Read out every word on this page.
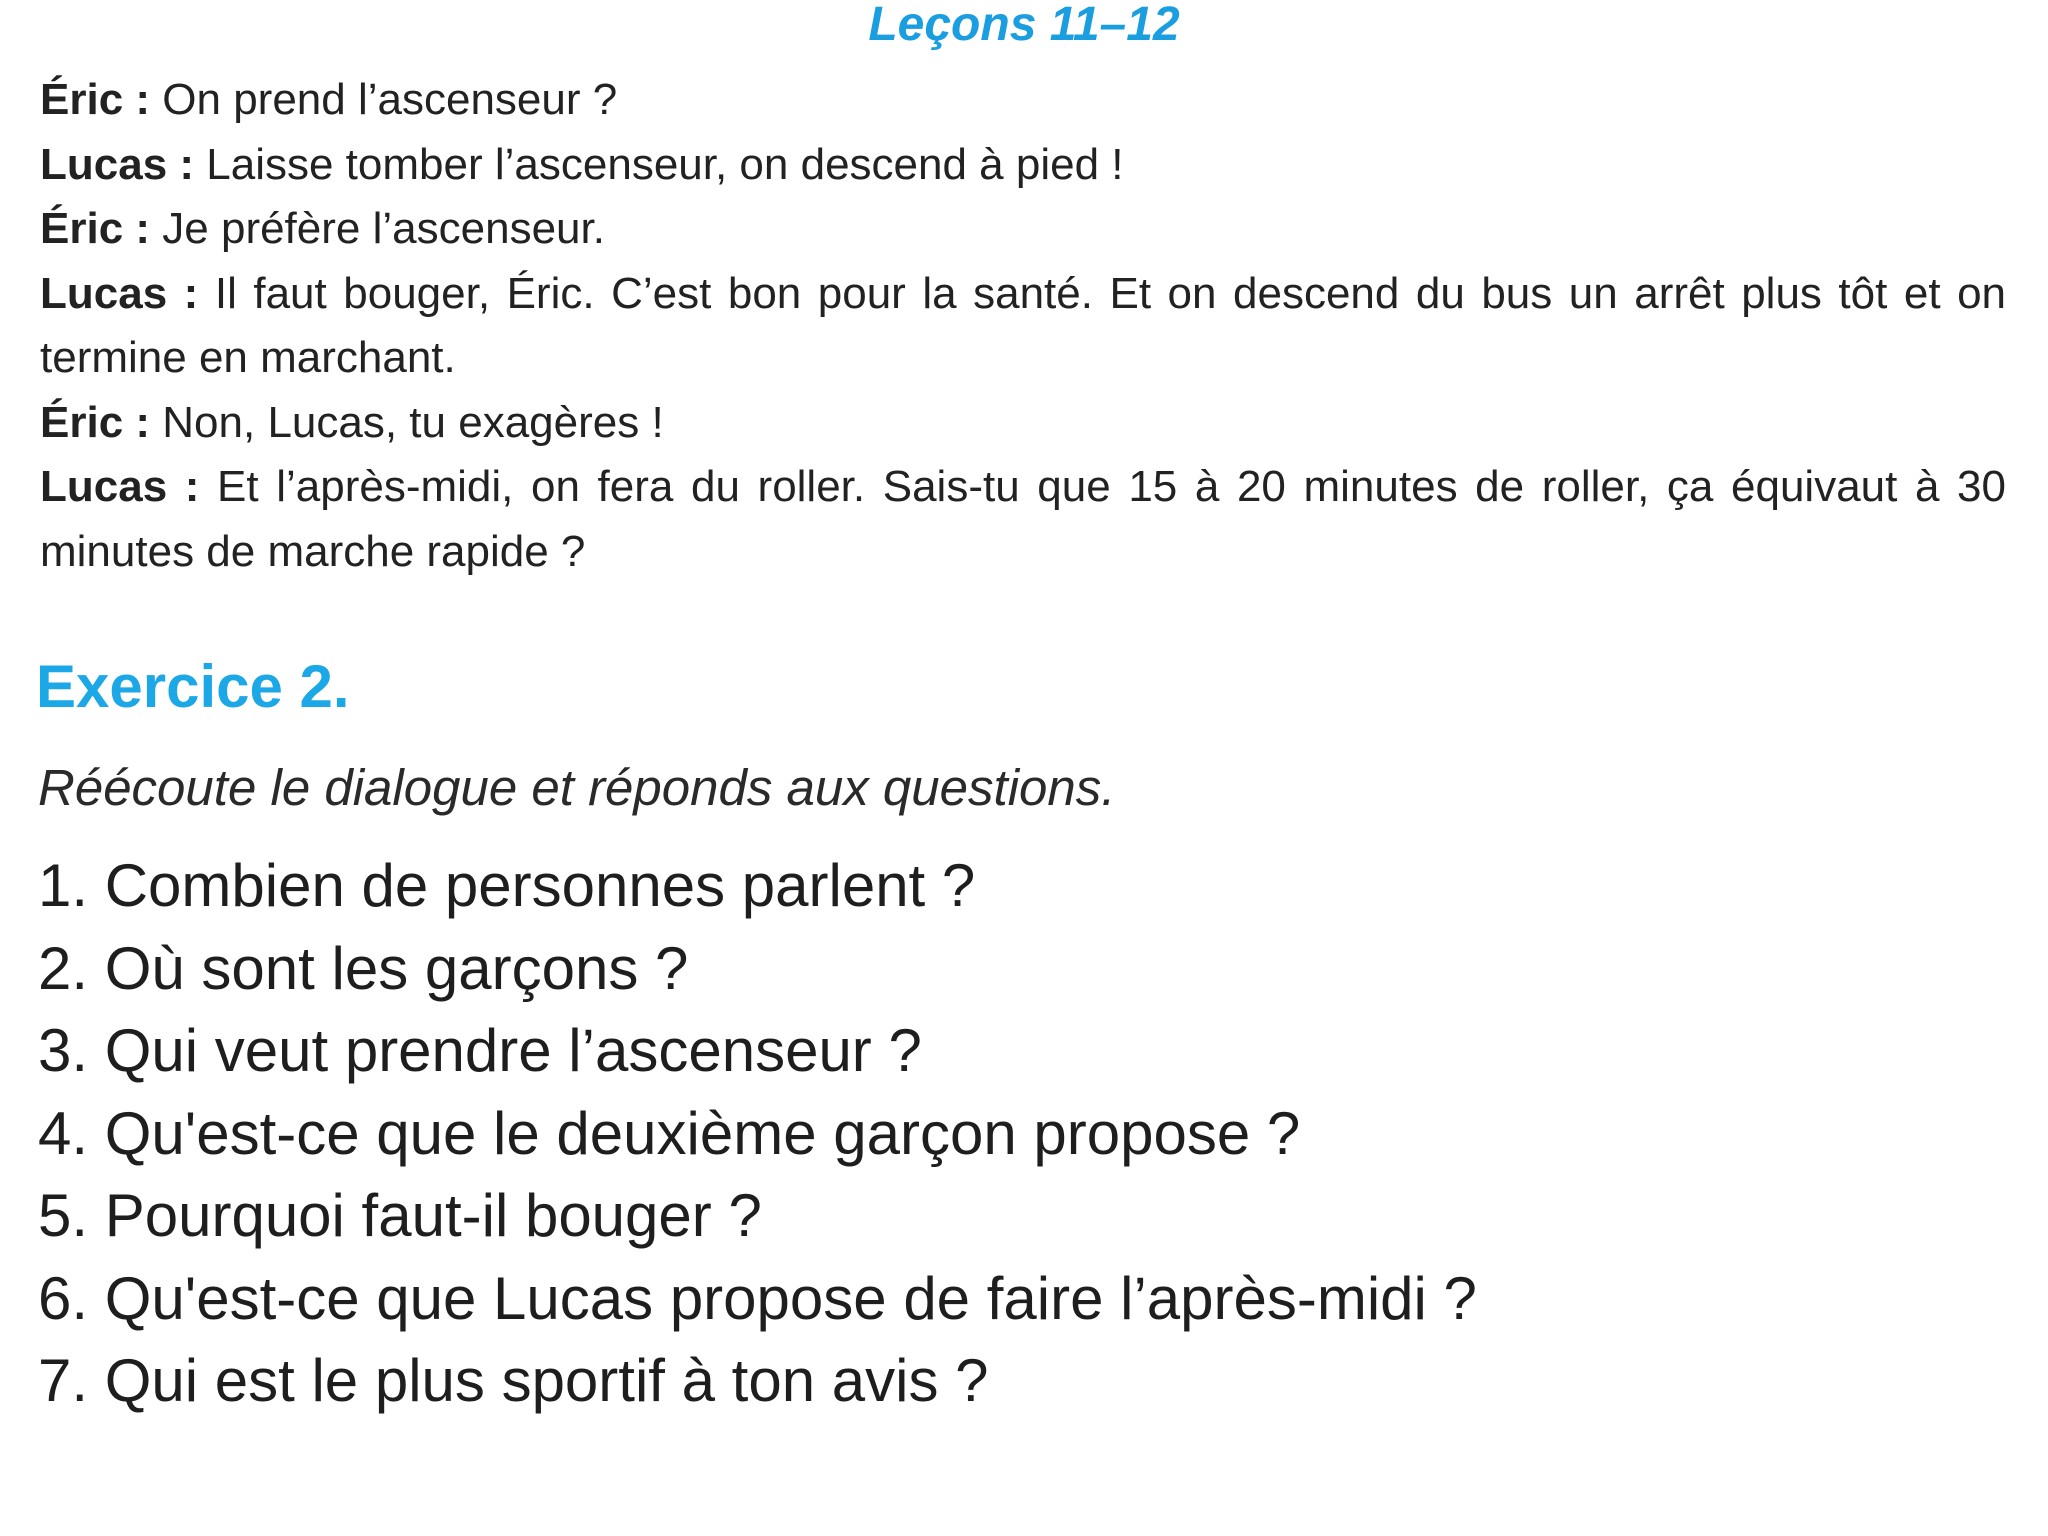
Leçons 11–12

Éric : On prend l’ascenseur ?

Lucas : Laisse tomber l’ascenseur, on descend à pied !

Éric : Je préfère l’ascenseur.

Lucas : Il faut bouger, Éric. C’est bon pour la santé. Et on descend du bus un arrêt plus tôt et on termine en marchant.

Éric : Non, Lucas, tu exagères !

Lucas : Et l’après-midi, on fera du roller. Sais-tu que 15 à 20 minutes de roller, ça équivaut à 30 minutes de marche rapide ?

Exercice 2.

Réécoute le dialogue et réponds aux questions.

1. Combien de personnes parlent ?
2. Où sont les garçons ?
3. Qui veut prendre l’ascenseur ?
4. Qu'est-ce que le deuxième garçon propose ?
5. Pourquoi faut-il bouger ?
6. Qu'est-ce que Lucas propose de faire l’après-midi ?
7. Qui est le plus sportif à ton avis ?
